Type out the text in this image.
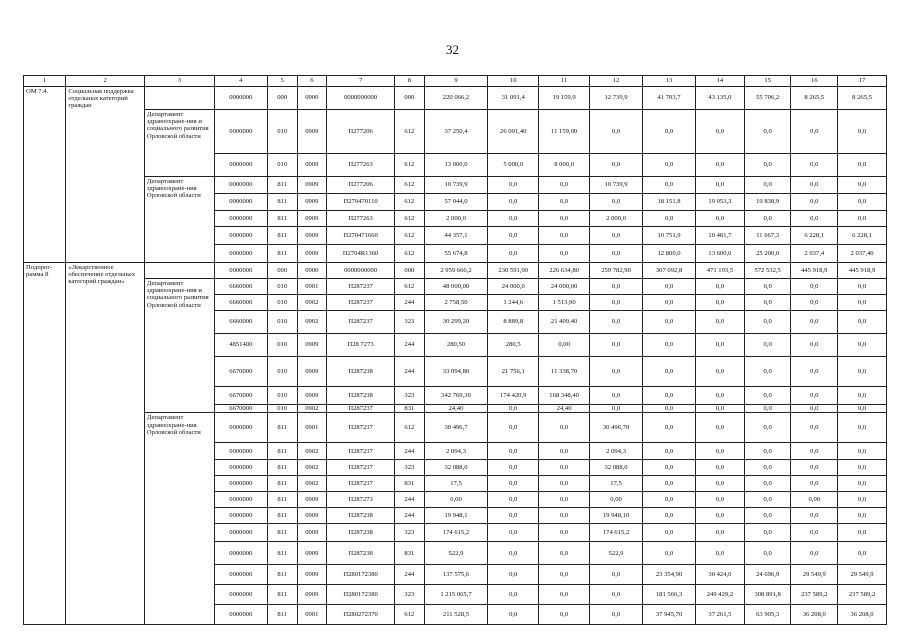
32
1	2	3	4	5	6	7	8	9	10	11	12	13	14	15	16	17
ОМ 7.4.	Социальная поддержка отдельных категорий граждан		0000000	000	0900	0000000000	000	220 066,2	31 091,4	19 159,0	12 739,9	41 703,7	43 135,0	55 706,2	8 265,5	8 265,5
		Департамент здравоохране-ния и социального развития Орловской области	0000000	010	0909	П277206	612	37 250,4	26 091,40	11 159,00	0,0	0,0	0,0	0,0	0,0	0,0
			0000000	010	0909	П277263	612	13 000,0	5 000,0	8 000,0	0,0	0,0	0,0	0,0	0,0	0,0
		Департамент здравоохране-ния Орловской области	0000000	811	0909	П277206	612	10 739,9	0,0	0,0	10 739,9	0,0	0,0	0,0	0,0	0,0
			0000000	811	0909	П270470110	612	57 044,0	0,0	0,0	0,0	18 151,8	19 053,3	19 838,9	0,0	0,0
			0000000	811	0909	П277263	612	2 000,0	0,0	0,0	2 000,0	0,0	0,0	0,0	0,0	0,0
			0000000	811	0909	П270471660	612	44 357,1	0,0	0,0	0,0	10 751,9	10 481,7	11 667,3	6 228,1	6 228,1
			0000000	811	0909	П2704R1360	612	55 674,8	0,0	0,0	0,0	12 800,0	13 600,0	25 200,0	2 037,4	2 037,40
Подпрог-рамма 8	«Лекарственное обеспечение отдельных категорий граждан»		0000000	000	0900	0000000000	000	2 959 666,2	230 591,90	226 634,80	259 782,90	307 092,8	471 193,5	572 532,5	445 918,9	445 918,9
		Департамент здравоохране-ния и социального развития Орловской области	6660000	010	0901	П287237	612	48 000,00	24 000,0	24 000,00	0,0	0,0	0,0	0,0	0,0	0,0
			6660000	010	0902	П287237	244	2 758,50	1 244,6	1 513,90	0,0	0,0	0,0	0,0	0,0	0,0
			6660000	010	0902	П287237	323	30 299,20	8 889,8	21 409,40	0,0	0,0	0,0	0,0	0,0	0,0
			4851400	010	0909	П28 7273	244	280,50	280,5	0,00	0,0	0,0	0,0	0,0	0,0	0,0
			6670000	010	0909	П287238	244	33 094,80	21 756,1	11 338,70	0,0	0,0	0,0	0,0	0,0	0,0
			6670000	010	0909	П287238	323	342 769,30	174 420,9	168 348,40	0,0	0,0	0,0	0,0	0,0	0,0
			6670000	010	0902	П287237	831	24,40	0,0	24,40	0,0	0,0	0,0	0,0	0,0	0,0
		Департамент здравоохране-ния Орловской области	0000000	811	0901	П287237	612	30 496,7	0,0	0,0	30 496,70	0,0	0,0	0,0	0,0	0,0
			0000000	811	0902	П287237	244	2 094,3	0,0	0,0	2 094,3	0,0	0,0	0,0	0,0	0,0
			0000000	811	0902	П287237	323	32 088,0	0,0	0,0	32 088,0	0,0	0,0	0,0	0,0	0,0
			0000000	811	0902	П287237	831	17,5	0,0	0,0	17,5	0,0	0,0	0,0	0,0	0,0
			0000000	811	0909	П287273	244	0,00	0,0	0,0	0,00	0,0	0,0	0,0	0,00	0,0
			0000000	811	0909	П287238	244	19 948,1	0,0	0,0	19 948,10	0,0	0,0	0,0	0,0	0,0
			0000000	811	0909	П287238	323	174 615,2	0,0	0,0	174 615,2	0,0	0,0	0,0	0,0	0,0
			0000000	811	0909	П287238	831	522,9	0,0	0,0	522,9	0,0	0,0	0,0	0,0	0,0
			0000000	811	0909	П280172380	244	137 575,6	0,0	0,0	0,0	23 354,90	30 424,0	24 696,9	29 549,9	29 549,9
			0000000	811	0909	П280172380	323	1 215 065,7	0,0	0,0	0,0	181 566,3	249 429,2	308 891,8	237 589,2	237 589,2
			0000000	811	0901	П280272370	612	211 528,5	0,0	0,0	0,0	37 945,70	37 261,5	63 905,3	36 208,0	36 208,0
